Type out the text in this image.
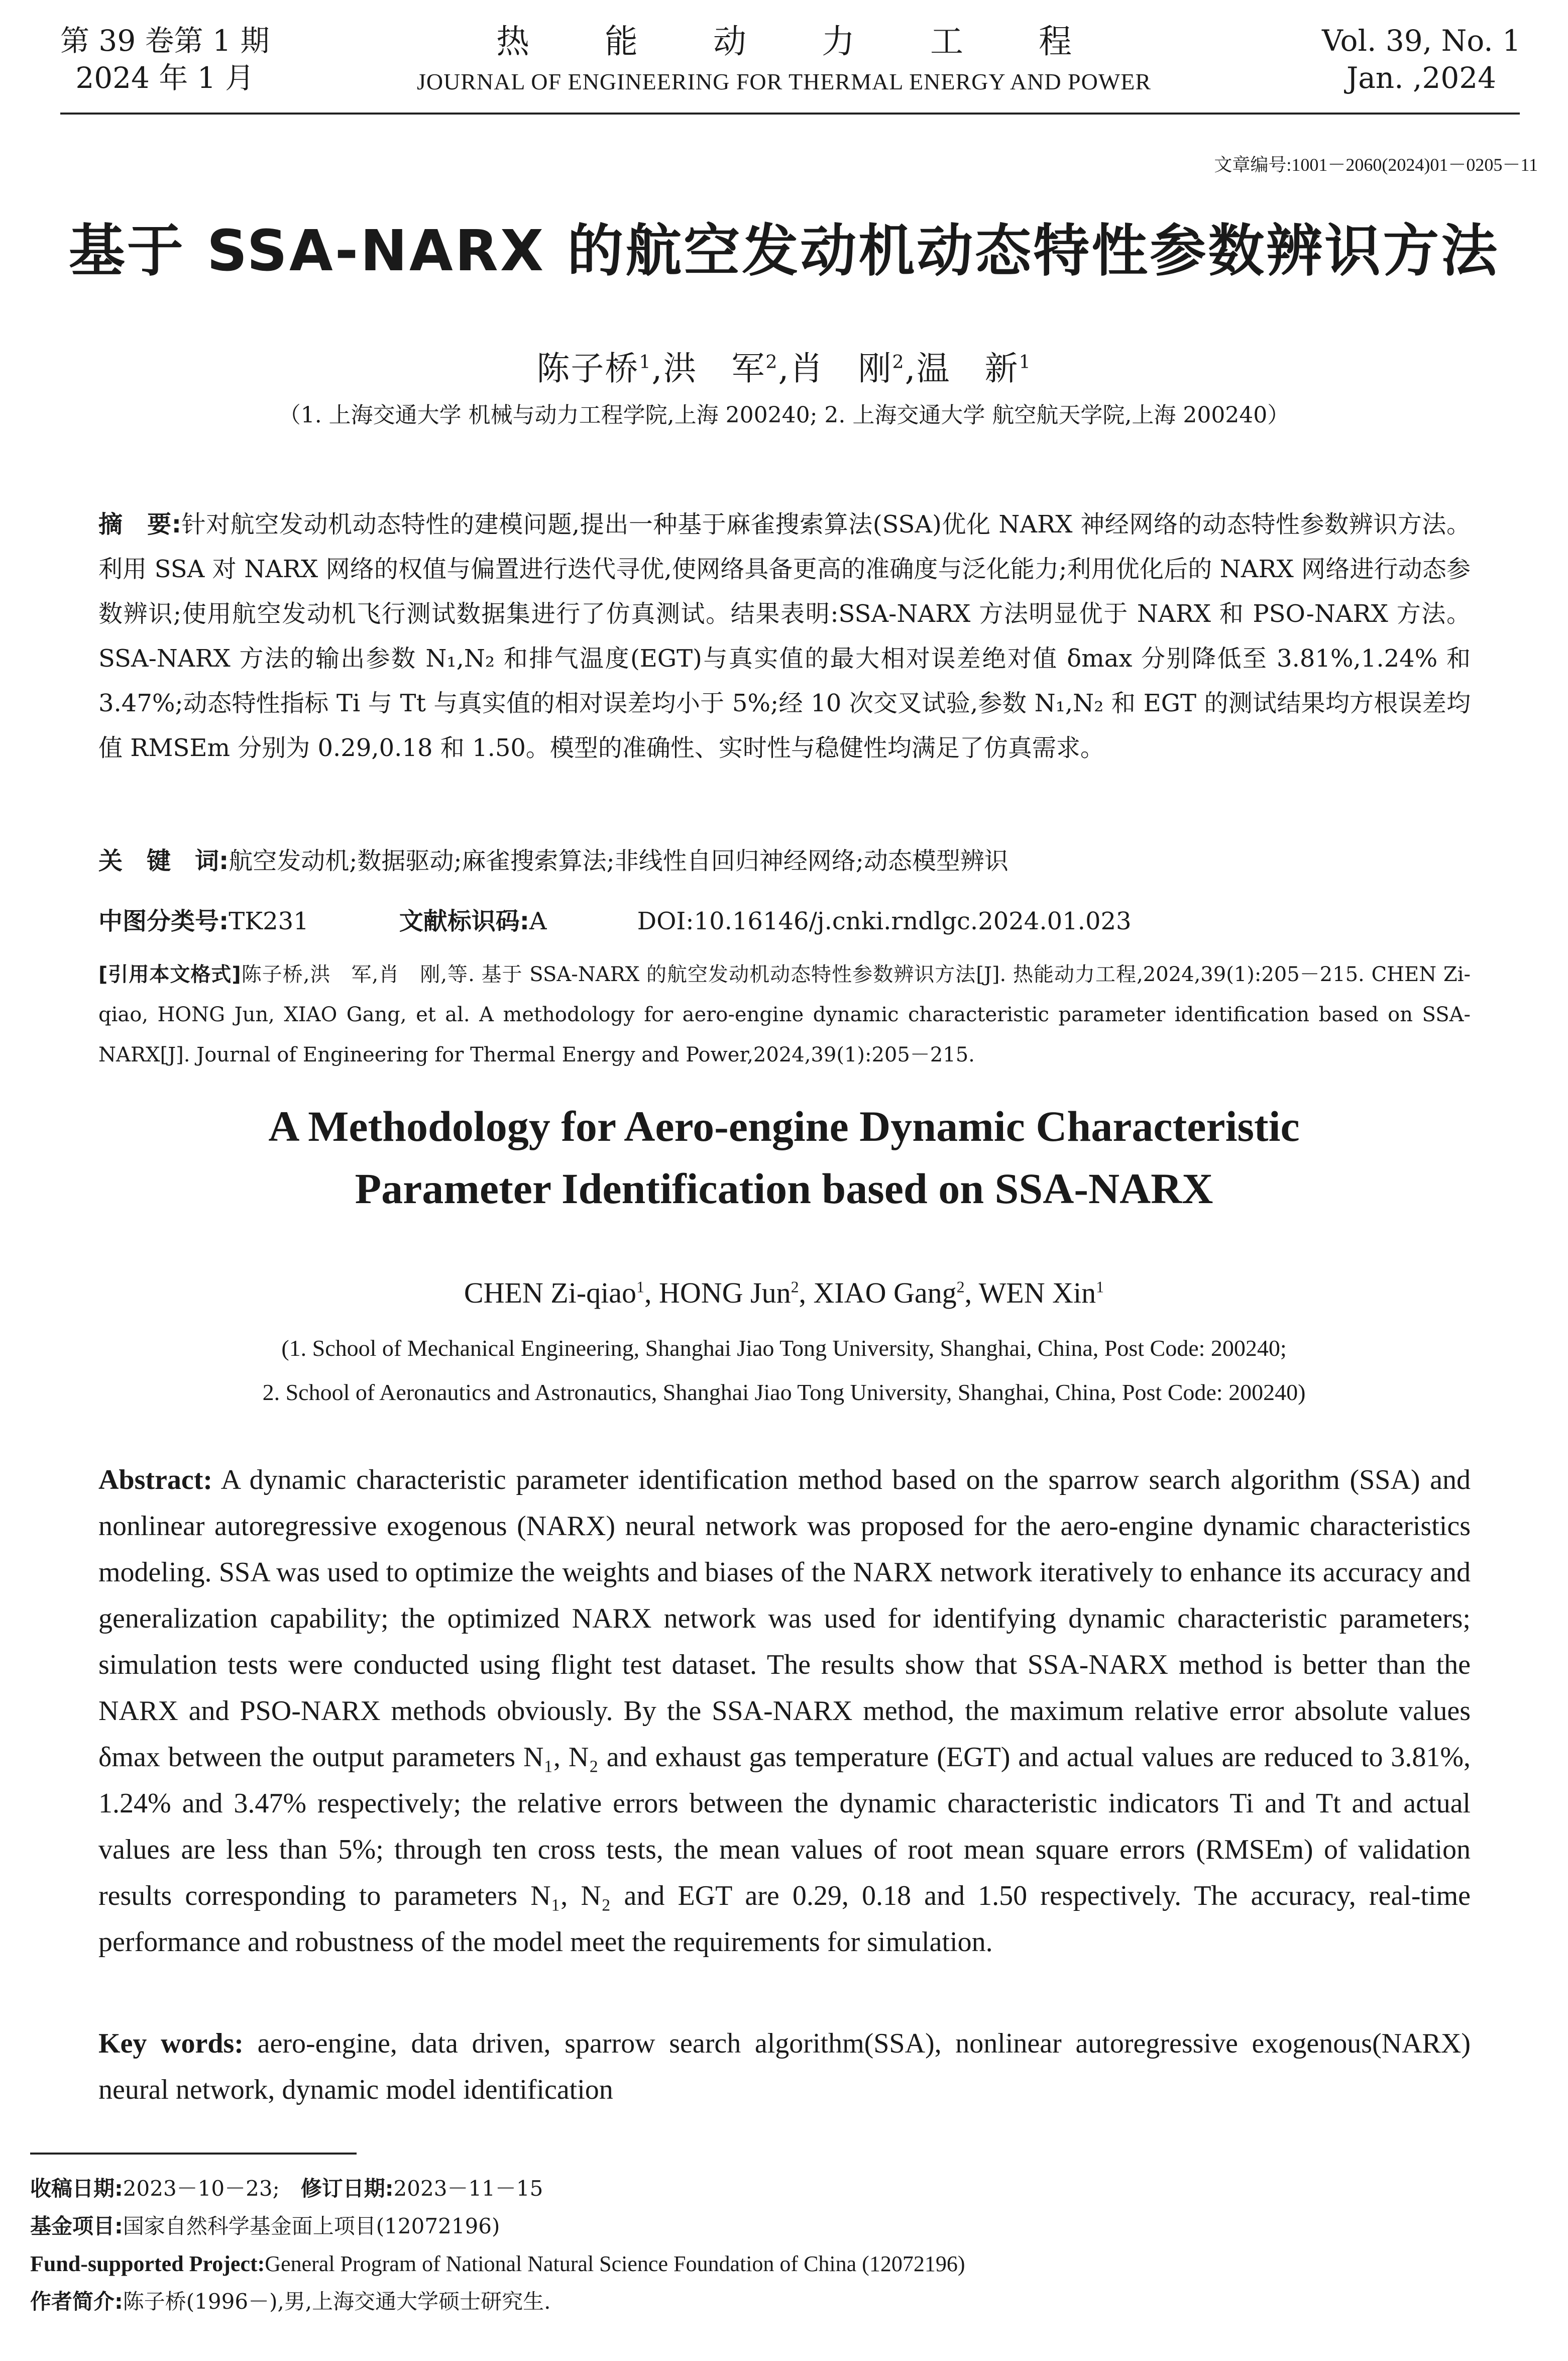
第 39 卷第 1 期
2024 年 1 月
热能动力工程
JOURNAL OF ENGINEERING FOR THERMAL ENERGY AND POWER
Vol. 39, No. 1
Jan. ,2024
文章编号:1001－2060(2024)01－0205－11
基于 SSA-NARX 的航空发动机动态特性参数辨识方法
陈子桥$^1$,洪　军$^2$,肖　刚$^2$,温　新$^1$
（1. 上海交通大学 机械与动力工程学院,上海 200240; 2. 上海交通大学 航空航天学院,上海 200240）
摘　要:针对航空发动机动态特性的建模问题,提出一种基于麻雀搜索算法(SSA)优化 NARX 神经网络的动态特性参数辨识方法。利用 SSA 对 NARX 网络的权值与偏置进行迭代寻优,使网络具备更高的准确度与泛化能力;利用优化后的 NARX 网络进行动态参数辨识;使用航空发动机飞行测试数据集进行了仿真测试。结果表明:SSA-NARX 方法明显优于 NARX 和 PSO-NARX 方法。SSA-NARX 方法的输出参数 N₁,N₂ 和排气温度(EGT)与真实值的最大相对误差绝对值 δmax 分别降低至 3.81%,1.24% 和 3.47%;动态特性指标 Ti 与 Tt 与真实值的相对误差均小于 5%;经 10 次交叉试验,参数 N₁,N₂ 和 EGT 的测试结果均方根误差均值 RMSEm 分别为 0.29,0.18 和 1.50。模型的准确性、实时性与稳健性均满足了仿真需求。
关　键　词:航空发动机;数据驱动;麻雀搜索算法;非线性自回归神经网络;动态模型辨识
中图分类号:TK231	文献标识码:A	DOI:10.16146/j.cnki.rndlgc.2024.01.023
[引用本文格式]陈子桥,洪　军,肖　刚,等. 基于 SSA-NARX 的航空发动机动态特性参数辨识方法[J]. 热能动力工程,2024,39(1):205－215. CHEN Zi-qiao, HONG Jun, XIAO Gang, et al. A methodology for aero-engine dynamic characteristic parameter identification based on SSA-NARX[J]. Journal of Engineering for Thermal Energy and Power,2024,39(1):205－215.
A Methodology for Aero-engine Dynamic Characteristic
Parameter Identification based on SSA-NARX
CHEN Zi-qiao$^1$, HONG Jun$^2$, XIAO Gang$^2$, WEN Xin$^1$
(1. School of Mechanical Engineering, Shanghai Jiao Tong University, Shanghai, China, Post Code: 200240;
2. School of Aeronautics and Astronautics, Shanghai Jiao Tong University, Shanghai, China, Post Code: 200240)
Abstract: A dynamic characteristic parameter identification method based on the sparrow search algorithm (SSA) and nonlinear autoregressive exogenous (NARX) neural network was proposed for the aero-engine dynamic characteristics modeling. SSA was used to optimize the weights and biases of the NARX network iteratively to enhance its accuracy and generalization capability; the optimized NARX network was used for identifying dynamic characteristic parameters; simulation tests were conducted using flight test dataset. The results show that SSA-NARX method is better than the NARX and PSO-NARX methods obviously. By the SSA-NARX method, the maximum relative error absolute values δmax between the output parameters N₁, N₂ and exhaust gas temperature (EGT) and actual values are reduced to 3.81%, 1.24% and 3.47% respectively; the relative errors between the dynamic characteristic indicators Ti and Tt and actual values are less than 5%; through ten cross tests, the mean values of root mean square errors (RMSEm) of validation results corresponding to parameters N₁, N₂ and EGT are 0.29, 0.18 and 1.50 respectively. The accuracy, real-time performance and robustness of the model meet the requirements for simulation.
Key words: aero-engine, data driven, sparrow search algorithm(SSA), nonlinear autoregressive exogenous(NARX) neural network, dynamic model identification
收稿日期:2023－10－23;　 修订日期:2023－11－15
基金项目:国家自然科学基金面上项目(12072196)
Fund-supported Project:General Program of National Natural Science Foundation of China (12072196)
作者简介:陈子桥(1996－),男,上海交通大学硕士研究生.
